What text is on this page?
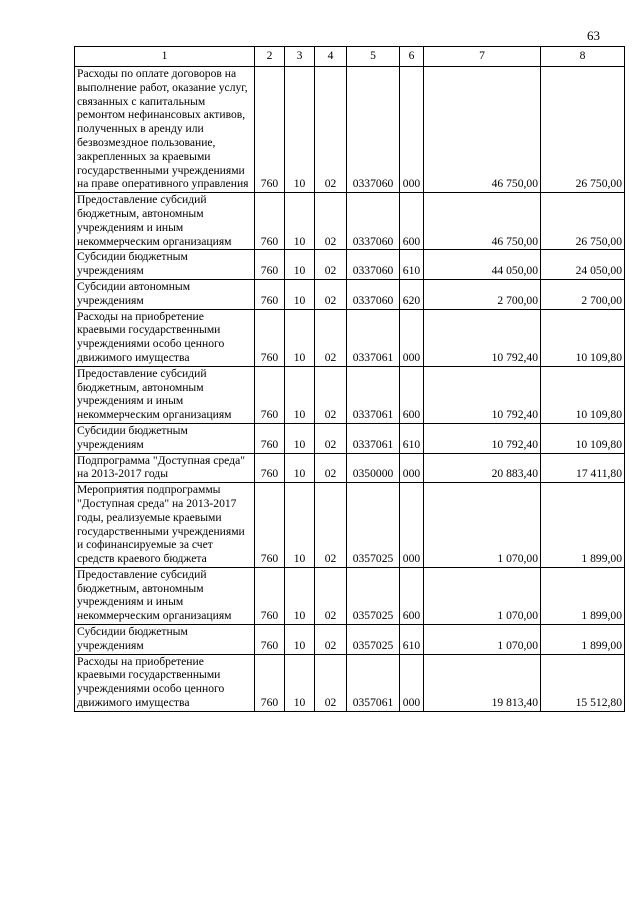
63
1	2	3	4	5	6	7	8
Расходы по оплате договоров на выполнение работ, оказание услуг, связанных с капитальным ремонтом нефинансовых активов, полученных в аренду или безвозмездное пользование, закрепленных за краевыми государственными учреждениями на праве оперативного управления	760	10	02	0337060	000	46 750,00	26 750,00
Предоставление субсидий бюджетным, автономным учреждениям и иным некоммерческим организациям	760	10	02	0337060	600	46 750,00	26 750,00
Субсидии бюджетным учреждениям	760	10	02	0337060	610	44 050,00	24 050,00
Субсидии автономным учреждениям	760	10	02	0337060	620	2 700,00	2 700,00
Расходы на приобретение краевыми государственными учреждениями особо ценного движимого имущества	760	10	02	0337061	000	10 792,40	10 109,80
Предоставление субсидий бюджетным, автономным учреждениям и иным некоммерческим организациям	760	10	02	0337061	600	10 792,40	10 109,80
Субсидии бюджетным учреждениям	760	10	02	0337061	610	10 792,40	10 109,80
Подпрограмма "Доступная среда" на 2013-2017 годы	760	10	02	0350000	000	20 883,40	17 411,80
Мероприятия подпрограммы "Доступная среда" на 2013-2017 годы, реализуемые краевыми государственными учреждениями и софинансируемые за счет средств краевого бюджета	760	10	02	0357025	000	1 070,00	1 899,00
Предоставление субсидий бюджетным, автономным учреждениям и иным некоммерческим организациям	760	10	02	0357025	600	1 070,00	1 899,00
Субсидии бюджетным учреждениям	760	10	02	0357025	610	1 070,00	1 899,00
Расходы на приобретение краевыми государственными учреждениями особо ценного движимого имущества	760	10	02	0357061	000	19 813,40	15 512,80
